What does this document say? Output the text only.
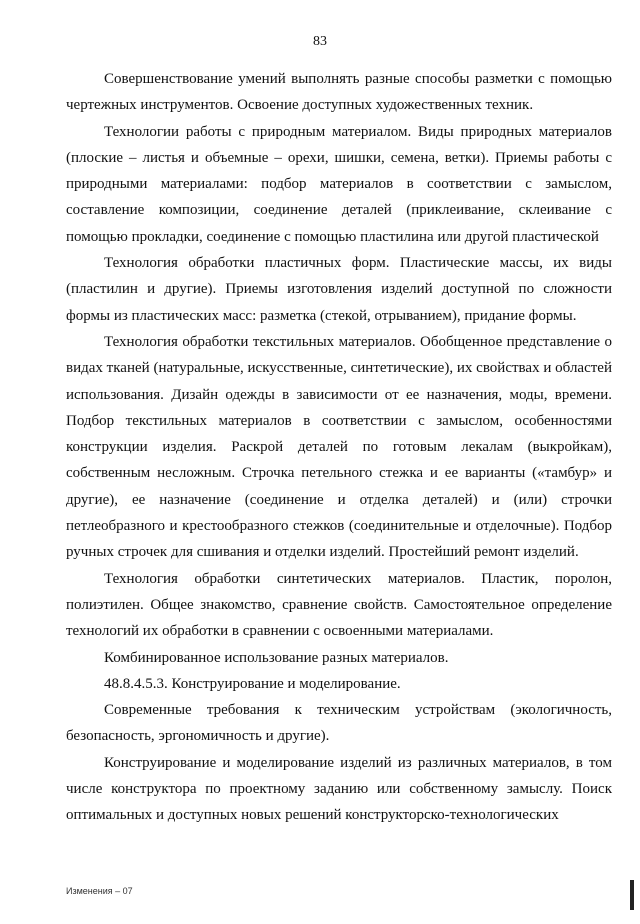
83

Совершенствование умений выполнять разные способы разметки с помощью чертежных инструментов. Освоение доступных художественных техник.

Технологии работы с природным материалом. Виды природных материалов (плоские – листья и объемные – орехи, шишки, семена, ветки). Приемы работы с природными материалами: подбор материалов в соответствии с замыслом, составление композиции, соединение деталей (приклеивание, склеивание с помощью прокладки, соединение с помощью пластилина или другой пластической

Технология обработки пластичных форм. Пластические массы, их виды (пластилин и другие). Приемы изготовления изделий доступной по сложности формы из пластических масс: разметка (стекой, отрыванием), придание формы.

Технология обработки текстильных материалов. Обобщенное представление о видах тканей (натуральные, искусственные, синтетические), их свойствах и областей использования. Дизайн одежды в зависимости от ее назначения, моды, времени. Подбор текстильных материалов в соответствии с замыслом, особенностями конструкции изделия. Раскрой деталей по готовым лекалам (выкройкам), собственным несложным. Строчка петельного стежка и ее варианты («тамбур» и другие), ее назначение (соединение и отделка деталей) и (или) строчки петлеобразного и крестообразного стежков (соединительные и отделочные). Подбор ручных строчек для сшивания и отделки изделий. Простейший ремонт изделий.

Технология обработки синтетических материалов. Пластик, поролон, полиэтилен. Общее знакомство, сравнение свойств. Самостоятельное определение технологий их обработки в сравнении с освоенными материалами.

Комбинированное использование разных материалов.

48.8.4.5.3. Конструирование и моделирование.

Современные требования к техническим устройствам (экологичность, безопасность, эргономичность и другие).

Конструирование и моделирование изделий из различных материалов, в том числе конструктора по проектному заданию или собственному замыслу. Поиск оптимальных и доступных новых решений конструкторско-технологических

Изменения – 07
